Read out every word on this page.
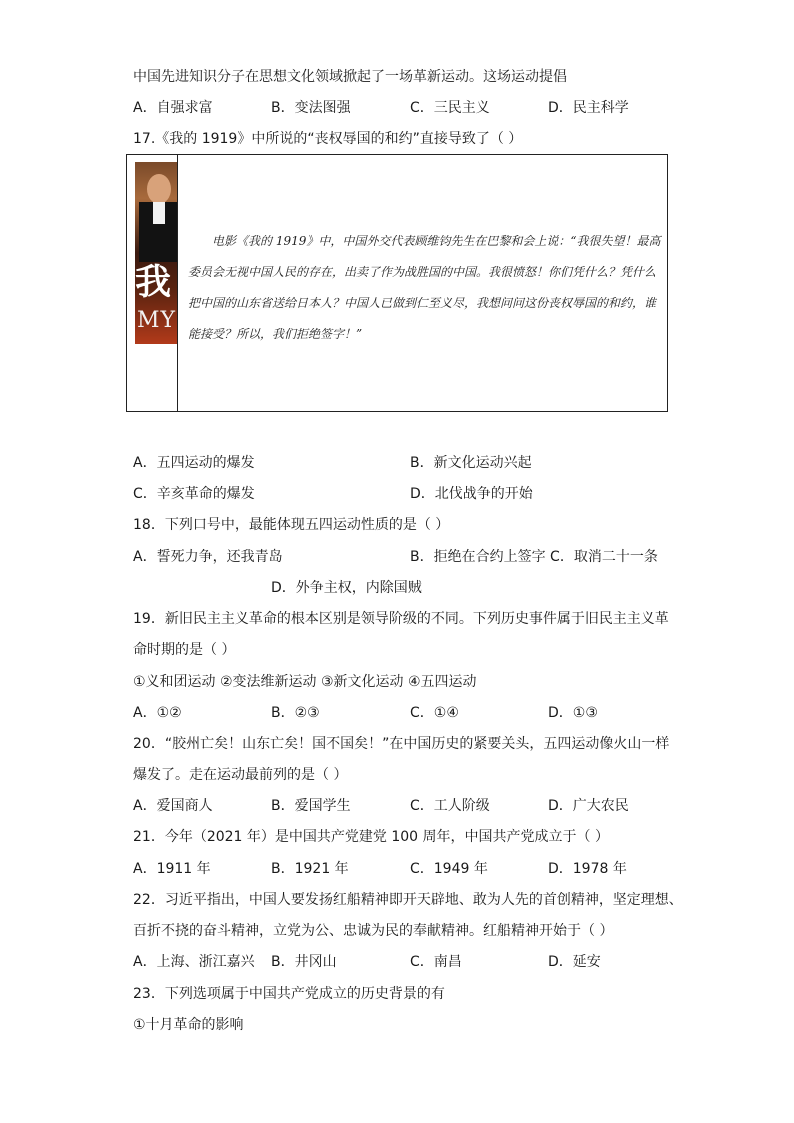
中国先进知识分子在思想文化领域掀起了一场革新运动。这场运动提倡
A．自强求富	B．变法图强	C．三民主义	D．民主科学
17.《我的 1919》中所说的“丧权辱国的和约”直接导致了（ ）
我
MY
电影《我的 1919》中，中国外交代表顾维钧先生在巴黎和会上说：“我很失望！最高委员会无视中国人民的存在，出卖了作为战胜国的中国。我很愤怒！你们凭什么？凭什么把中国的山东省送给日本人？中国人已做到仁至义尽，我想问问这份丧权辱国的和约，谁能接受？所以，我们拒绝签字！”
A．五四运动的爆发	B．新文化运动兴起
C．辛亥革命的爆发	D．北伐战争的开始
18．下列口号中，最能体现五四运动性质的是（ ）
A．誓死力争，还我青岛	B．拒绝在合约上签字 C．取消二十一条
D．外争主权，内除国贼
19．新旧民主主义革命的根本区别是领导阶级的不同。下列历史事件属于旧民主主义革
命时期的是（ ）
①义和团运动 ②变法维新运动 ③新文化运动 ④五四运动
A．①②	B．②③	C．①④	D．①③
20．“胶州亡矣！山东亡矣！国不国矣！”在中国历史的紧要关头，五四运动像火山一样
爆发了。走在运动最前列的是（ ）
A．爱国商人	B．爱国学生	C．工人阶级	D．广大农民
21．今年（2021 年）是中国共产党建党 100 周年，中国共产党成立于（ ）
A．1911 年	B．1921 年	C．1949 年	D．1978 年
22．习近平指出，中国人要发扬红船精神即开天辟地、敢为人先的首创精神，坚定理想、
百折不挠的奋斗精神，立党为公、忠诚为民的奉献精神。红船精神开始于（ ）
A．上海、浙江嘉兴 B．井冈山	C．南昌	D．延安
23．下列选项属于中国共产党成立的历史背景的有
①十月革命的影响
